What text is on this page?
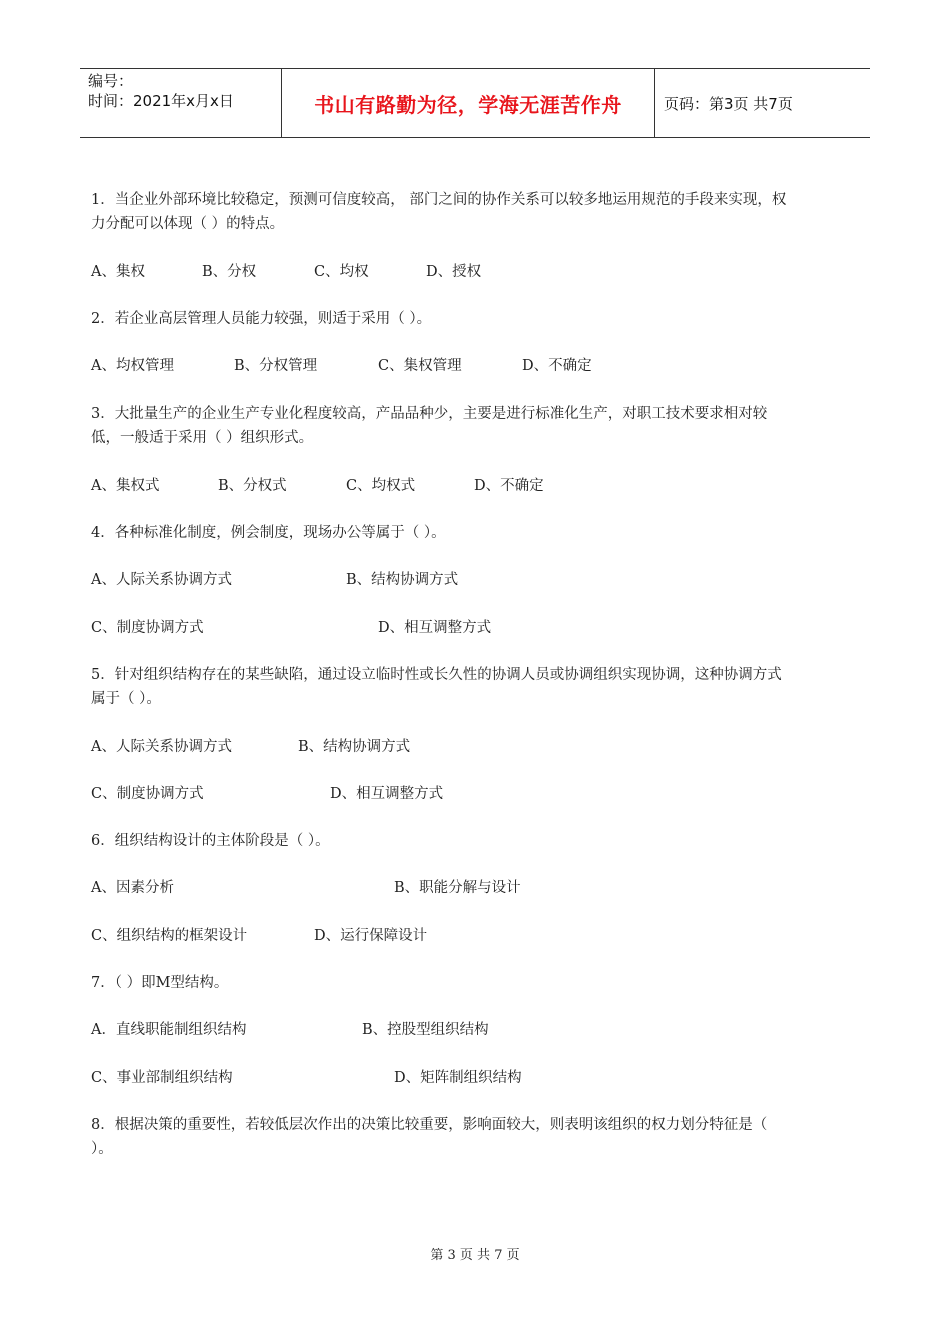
编号：
时间：2021年x月x日	书山有路勤为径，学海无涯苦作舟	页码：第3页 共7页
1．当企业外部环境比较稳定，预测可信度较高， 部门之间的协作关系可以较多地运用规范的手段来实现，权
力分配可以体现（ ）的特点。
A、集权	B、分权	C、均权	D、授权
2．若企业高层管理人员能力较强，则适于采用（ ）。
A、均权管理	B、分权管理	C、集权管理	D、不确定
3．大批量生产的企业生产专业化程度较高，产品品种少，主要是进行标准化生产，对职工技术要求相对较
低，一般适于采用（ ）组织形式。
A、集权式	B、分权式	C、均权式	D、不确定
4．各种标准化制度，例会制度，现场办公等属于（ ）。
A、人际关系协调方式	B、结构协调方式
C、制度协调方式	D、相互调整方式
5．针对组织结构存在的某些缺陷，通过设立临时性或长久性的协调人员或协调组织实现协调，这种协调方式
属于（ ）。
A、人际关系协调方式	B、结构协调方式
C、制度协调方式	D、相互调整方式
6．组织结构设计的主体阶段是（ ）。
A、因素分析	B、职能分解与设计
C、组织结构的框架设计	D、运行保障设计
7．（ ）即M型结构。
A．直线职能制组织结构	B、控股型组织结构
C、事业部制组织结构	D、矩阵制组织结构
8．根据决策的重要性，若较低层次作出的决策比较重要，影响面较大，则表明该组织的权力划分特征是（
）。
第 3 页 共 7 页
